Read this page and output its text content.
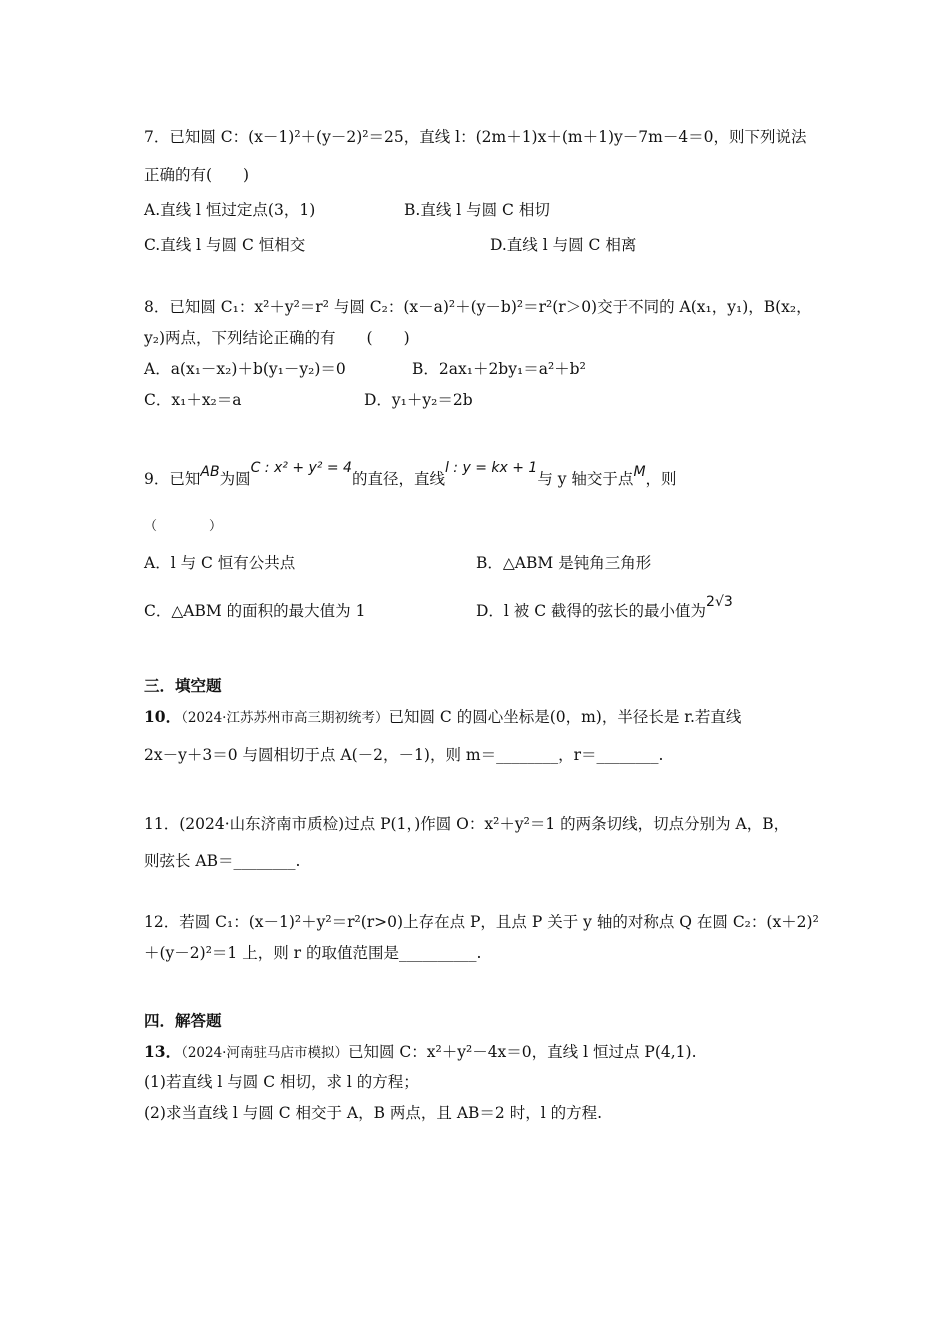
7．已知圆 C：(x－1)²＋(y－2)²＝25，直线 l：(2m＋1)x＋(m＋1)y－7m－4＝0，则下列说法
正确的有(　　)
A.直线 l 恒过定点(3，1)	B.直线 l 与圆 C 相切
C.直线 l 与圆 C 恒相交	D.直线 l 与圆 C 相离
8．已知圆 C₁：x²＋y²＝r² 与圆 C₂：(x－a)²＋(y－b)²＝r²(r＞0)交于不同的 A(x₁，y₁)，B(x₂，
y₂)两点，下列结论正确的有　　(　　)
A．a(x₁－x₂)＋b(y₁－y₂)＝0	B．2ax₁＋2by₁＝a²＋b²
C．x₁＋x₂＝a	D．y₁＋y₂＝2b
9．已知AB为圆C : x² + y² = 4的直径，直线l : y = kx + 1与 y 轴交于点M，则
（　　　　）
A．l 与 C 恒有公共点	B．△ABM 是钝角三角形
C．△ABM 的面积的最大值为 1	D．l 被 C 截得的弦长的最小值为2√3
三．填空题
10．（2024·江苏苏州市高三期初统考）已知圆 C 的圆心坐标是(0，m)，半径长是 r.若直线
2x－y＋3＝0 与圆相切于点 A(－2，－1)，则 m＝________，r＝________.
11．(2024·山东济南市质检)过点 P(1，)作圆 O：x²＋y²＝1 的两条切线，切点分别为 A，B，
则弦长 AB＝________.
12．若圆 C₁：(x－1)²＋y²＝r²(r>0)上存在点 P，且点 P 关于 y 轴的对称点 Q 在圆 C₂：(x＋2)²
＋(y－2)²＝1 上，则 r 的取值范围是__________.
四．解答题
13．（2024·河南驻马店市模拟）已知圆 C：x²＋y²－4x＝0，直线 l 恒过点 P(4,1).
(1)若直线 l 与圆 C 相切，求 l 的方程；
(2)求当直线 l 与圆 C 相交于 A，B 两点，且 AB＝2 时，l 的方程.
